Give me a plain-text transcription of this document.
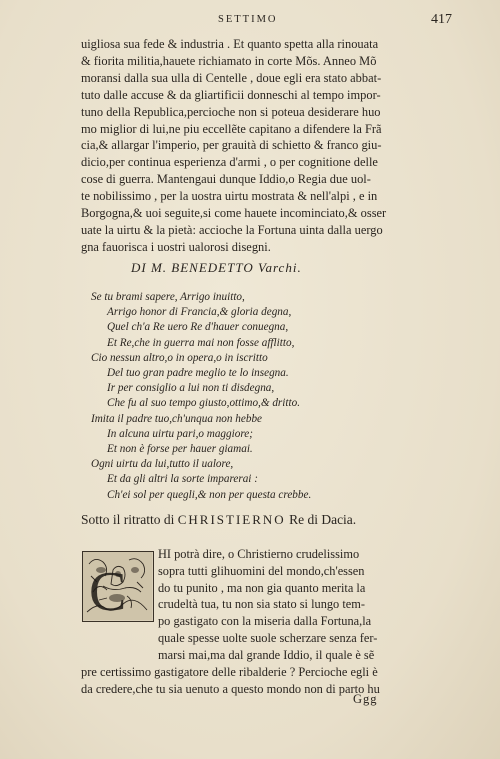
SETTIMO	417
uigliosa sua fede & industria . Et quanto spetta alla rinouata
& fiorita militia,hauete richiamato in corte Mõs. Anneo Mõ
moransi dalla sua ulla di Centelle , doue egli era stato abbat-
tuto dalle accuse & da gliartificii donneschi al tempo impor-
tuno della Republica,percioche non si poteua desiderare huo
mo miglior di lui,ne piu eccellẽte capitano a difendere la Frã
cia,& allargar l'imperio, per grauità di schietto & franco giu-
dicio,per continua esperienza d'armi , o per cognitione delle
cose di guerra. Mantengaui dunque Iddio,o Regia due uol-
te nobilissimo , per la uostra uirtu mostrata & nell'alpi , e in
Borgogna,& uoi seguite,si come hauete incominciato,& osser
uate la uirtu & la pietà: accioche la Fortuna uinta dalla uergo
gna fauorisca i uostri ualorosi disegni.
DI M. BENEDETTO Varchi.
Se tu brami sapere, Arrigo inuitto,
Arrigo honor di Francia,& gloria degna,
Quel ch'a Re uero Re d'hauer conuegna,
Et Re,che in guerra mai non fosse afflitto,
Cio nessun altro,o in opera,o in iscritto
Del tuo gran padre meglio te lo insegna.
Ir per consiglio a lui non ti disdegna,
Che fu al suo tempo giusto,ottimo,& dritto.
Imita il padre tuo,ch'unqua non hebbe
In alcuna uirtu pari,o maggiore;
Et non è forse per hauer giamai.
Ogni uirtu da lui,tutto il ualore,
Et da gli altri la sorte imparerai :
Ch'ei sol per quegli,& non per questa crebbe.
Sotto il ritratto di CHRISTIERNO Re di Dacia.
C
HI potrà dire, o Christierno crudelissimo
sopra tutti glihuomini del mondo,ch'essen
do tu punito , ma non gia quanto merita la
crudeltà tua, tu non sia stato si lungo tem-
po gastigato con la miseria dalla Fortuna,la
quale spesse uolte suole scherzare senza fer-
marsi mai,ma dal grande Iddio, il quale è sẽ
pre certissimo gastigatore delle ribalderie ? Percioche egli è
da credere,che tu sia uenuto a questo mondo non di parto hu
Ggg
